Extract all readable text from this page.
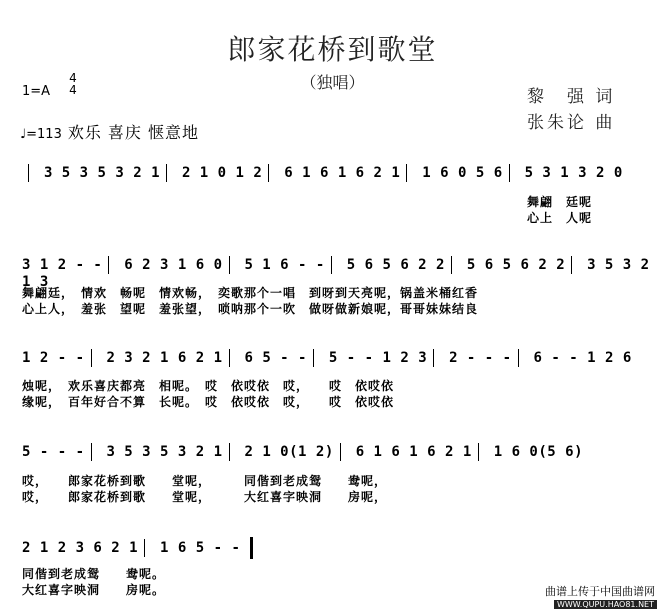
郎家花桥到歌堂
（独唱）
1=A
4
4
♩=113 欢乐 喜庆 惬意地
黎　强 词
张朱论 曲
3 5 3 5 3 2 1 2 1 0 1 2 6 1 6 1 6 2 1 1 6 0 5 6 5 3 1 3 2 0
舞翩　廷呢
心上　人呢
3 1 2 - - 6 2 3 1 6 0 5 1 6 - - 5 6 5 6 2 2 5 6 5 6 2 2 3 5 3 2 1 3
舞翩廷，　情欢　畅呢　情欢畅，　奕歌那个一唱　到呀到天亮呢，锅盖米桶红香
心上人，　羞张　望呢　羞张望，　唢呐那个一吹　做呀做新娘呢，哥哥妹妹结良
1 2 - - 2 3 2 1 6 2 1 6 5 - - 5 - - 1 2 3 2 - - - 6 - - 1 2 6
烛呢，　欢乐喜庆都亮　相呢。　哎　依哎依　哎，　　哎　依哎依
缘呢，　百年好合不算　长呢。　哎　依哎依　哎，　　哎　依哎依
5 - - - 3 5 3 5 3 2 1 2 1 0(1 2) 6 1 6 1 6 2 1 1 6 0(5 6)
哎，　　郎家花桥到歌　　堂呢，　　　同偕到老成鸳　　鸯呢，
哎，　　郎家花桥到歌　　堂呢，　　　大红喜字映洞　　房呢，
2 1 2 3 6 2 1 1 6 5 - -
同偕到老成鸳　　鸯呢。
大红喜字映洞　　房呢。	曲谱上传于中国曲谱网
WWW.QUPU.HAO81.NET
